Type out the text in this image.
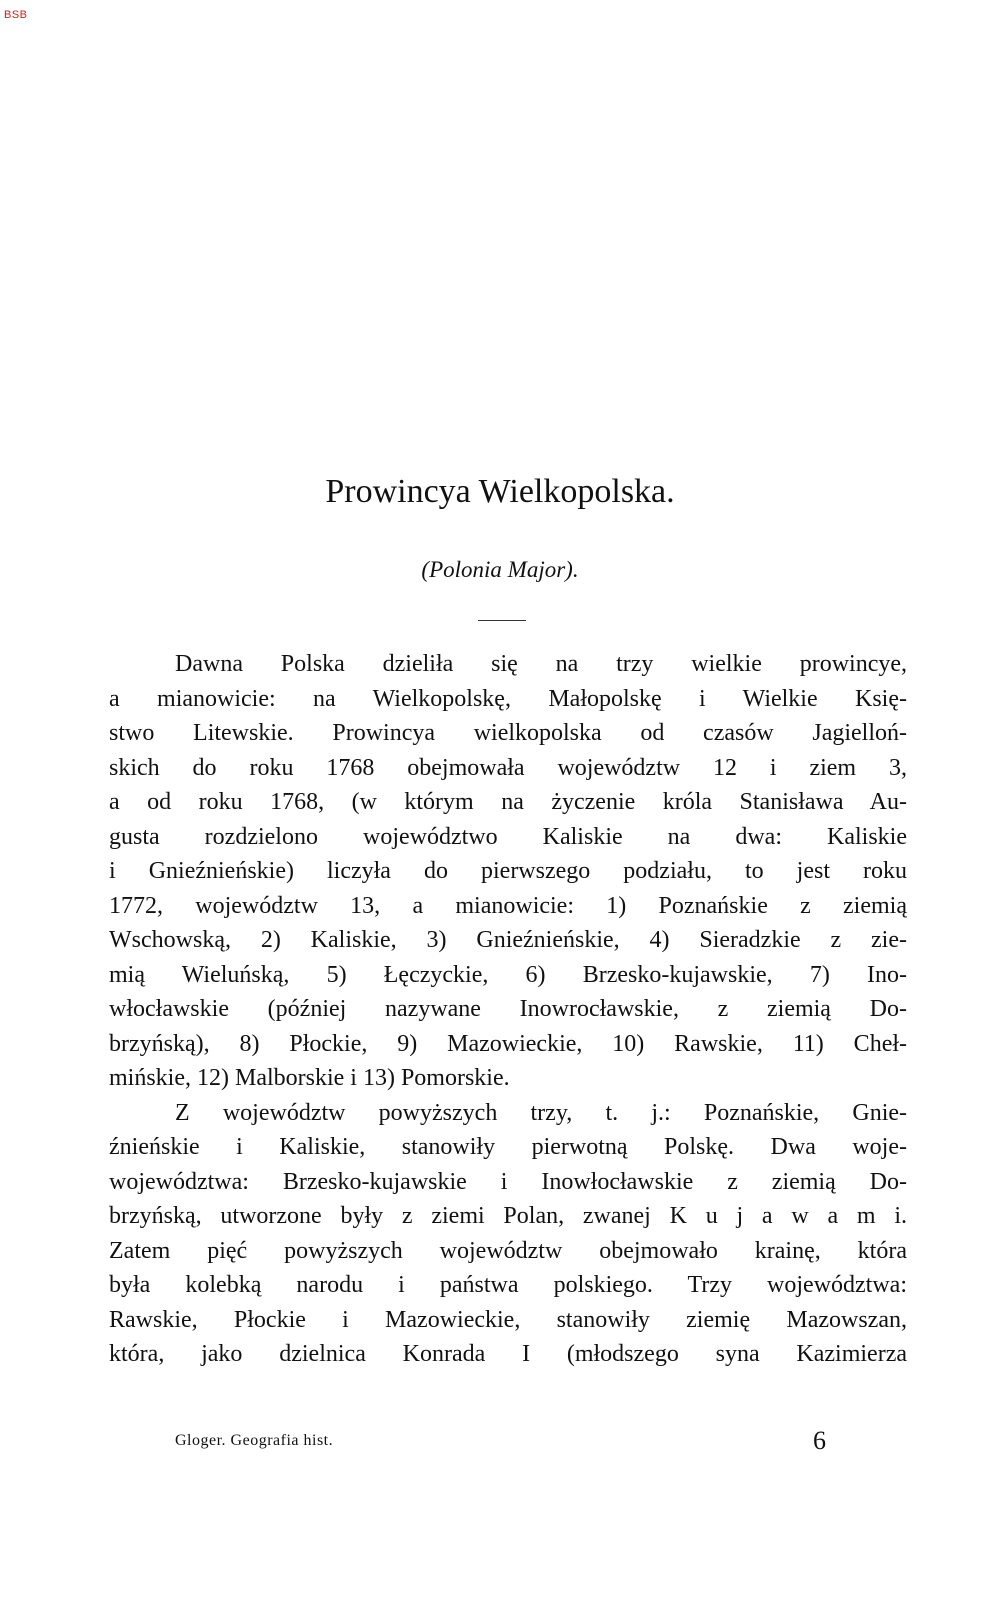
BSB
Prowincya Wielkopolska.
(Polonia Major).
Dawna Polska dzieliła się na trzy wielkie prowincye,
a mianowicie: na Wielkopolskę, Małopolskę i Wielkie Księ-
stwo Litewskie. Prowincya wielkopolska od czasów Jagielloń-
skich do roku 1768 obejmowała województw 12 i ziem 3,
a od roku 1768, (w którym na życzenie króla Stanisława Au-
gusta rozdzielono województwo Kaliskie na dwa: Kaliskie
i Gnieźnieńskie) liczyła do pierwszego podziału, to jest roku
1772, województw 13, a mianowicie: 1) Poznańskie z ziemią
Wschowską, 2) Kaliskie, 3) Gnieźnieńskie, 4) Sieradzkie z zie-
mią Wieluńską, 5) Łęczyckie, 6) Brzesko-kujawskie, 7) Ino-
włocławskie (później nazywane Inowrocławskie, z ziemią Do-
brzyńską), 8) Płockie, 9) Mazowieckie, 10) Rawskie, 11) Cheł-
mińskie, 12) Malborskie i 13) Pomorskie.
Z województw powyższych trzy, t. j.: Poznańskie, Gnie-
źnieńskie i Kaliskie, stanowiły pierwotną Polskę. Dwa woje-
województwa: Brzesko-kujawskie i Inowłocławskie z ziemią Do-
brzyńską, utworzone były z ziemi Polan, zwanej K u j a w a m i.
Zatem pięć powyższych województw obejmowało krainę, która
była kolebką narodu i państwa polskiego. Trzy województwa:
Rawskie, Płockie i Mazowieckie, stanowiły ziemię Mazowszan,
która, jako dzielnica Konrada I (młodszego syna Kazimierza
Gloger. Geografia hist.	6
